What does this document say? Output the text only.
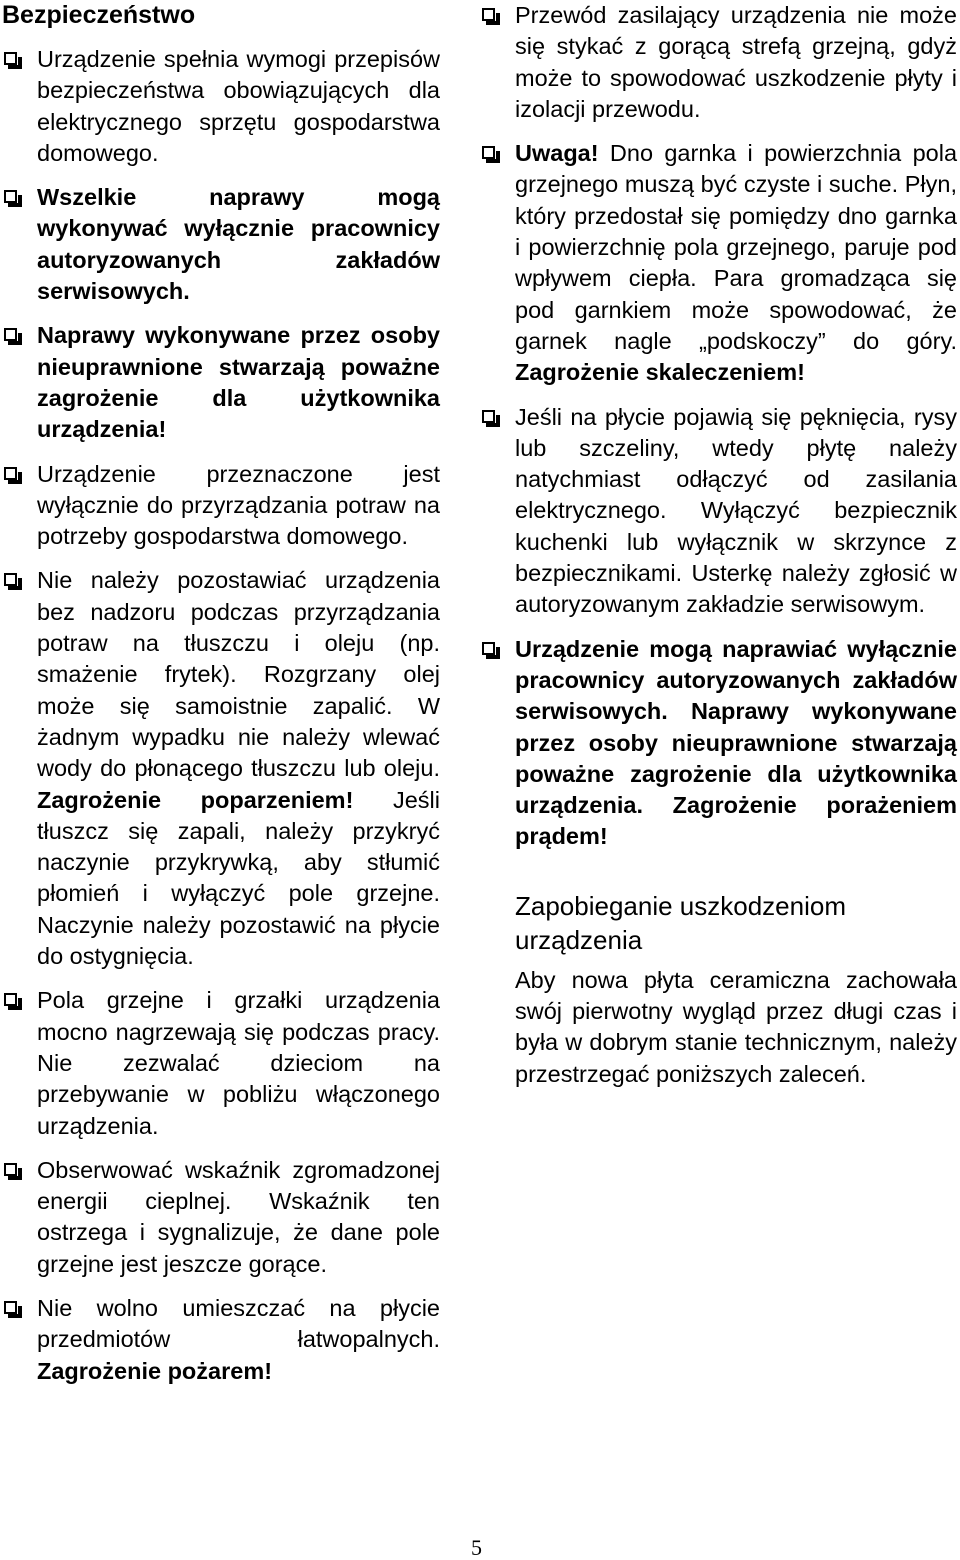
Bezpieczeństwo

Urządzenie spełnia wymogi przepisów bezpieczeństwa obowiązujących dla elektrycznego sprzętu gospodarstwa domowego.

Wszelkie naprawy mogą wykonywać wyłącznie pracownicy autoryzowanych zakładów serwisowych.

Naprawy wykonywane przez osoby nieuprawnione stwarzają poważne zagrożenie dla użytkownika urządzenia!

Urządzenie przeznaczone jest wyłącznie do przyrządzania potraw na potrzeby gospodarstwa domowego.

Nie należy pozostawiać urządzenia bez nadzoru podczas przyrządzania potraw na tłuszczu i oleju (np. smażenie frytek). Rozgrzany olej może się samoistnie zapalić. W żadnym wypadku nie należy wlewać wody do płonącego tłuszczu lub oleju. Zagrożenie poparzeniem! Jeśli tłuszcz się zapali, należy przykryć naczynie przykrywką, aby stłumić płomień i wyłączyć pole grzejne. Naczynie należy pozostawić na płycie do ostygnięcia.

Pola grzejne i grzałki urządzenia mocno nagrzewają się podczas pracy. Nie zezwalać dzieciom na przebywanie w pobliżu włączonego urządzenia.

Obserwować wskaźnik zgromadzonej energii cieplnej. Wskaźnik ten ostrzega i sygnalizuje, że dane pole grzejne jest jeszcze gorące.

Nie wolno umieszczać na płycie przedmiotów łatwopalnych. Zagrożenie pożarem!

Przewód zasilający urządzenia nie może się stykać z gorącą strefą grzejną, gdyż może to spowodować uszkodzenie płyty i izolacji przewodu.

Uwaga! Dno garnka i powierzchnia pola grzejnego muszą być czyste i suche. Płyn, który przedostał się pomiędzy dno garnka i powierzchnię pola grzejnego, paruje pod wpływem ciepła. Para gromadząca się pod garnkiem może spowodować, że garnek nagle „podskoczy” do góry. Zagrożenie skaleczeniem!

Jeśli na płycie pojawią się pęknięcia, rysy lub szczeliny, wtedy płytę należy natychmiast odłączyć od zasilania elektrycznego. Wyłączyć bezpiecznik kuchenki lub wyłącznik w skrzynce z bezpiecznikami. Usterkę należy zgłosić w autoryzowanym zakładzie serwisowym.

Urządzenie mogą naprawiać wyłącznie pracownicy autoryzowanych zakładów serwisowych. Naprawy wykonywane przez osoby nieuprawnione stwarzają poważne zagrożenie dla użytkownika urządzenia. Zagrożenie porażeniem prądem!

Zapobieganie uszkodzeniom urządzenia

Aby nowa płyta ceramiczna zachowała swój pierwotny wygląd przez długi czas i była w dobrym stanie technicznym, należy przestrzegać poniższych zaleceń.

5
